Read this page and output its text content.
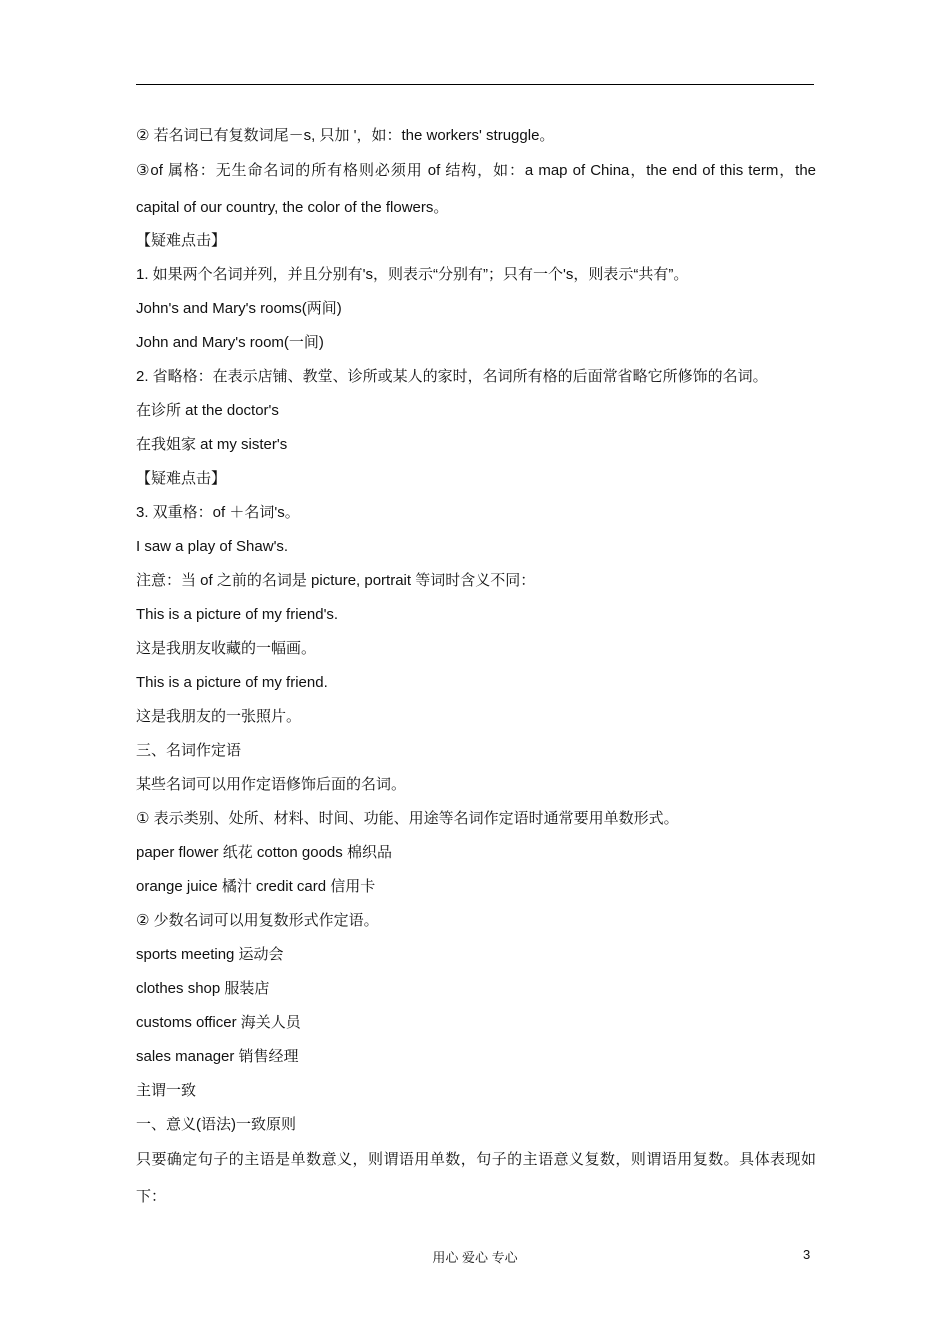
② 若名词已有复数词尾－s, 只加 '，如：the workers' struggle。
③of 属格：无生命名词的所有格则必须用 of 结构，如：a map of China，the end of this term，the capital of our country, the color of the flowers。
【疑难点击】
1. 如果两个名词并列，并且分别有's，则表示“分别有”；只有一个's，则表示“共有”。
John's and Mary's rooms(两间)
John and Mary's room(一间)
2. 省略格：在表示店铺、教堂、诊所或某人的家时，名词所有格的后面常省略它所修饰的名词。
在诊所 at the doctor's
在我姐家 at my sister's
【疑难点击】
3. 双重格：of ＋名词's。
I saw a play of Shaw's.
注意：当 of 之前的名词是 picture, portrait 等词时含义不同：
This is a picture of my friend's.
这是我朋友收藏的一幅画。
This is a picture of my friend.
这是我朋友的一张照片。
三、名词作定语
某些名词可以用作定语修饰后面的名词。
① 表示类别、处所、材料、时间、功能、用途等名词作定语时通常要用单数形式。
paper flower 纸花 cotton goods 棉织品
orange juice 橘汁 credit card 信用卡
② 少数名词可以用复数形式作定语。
sports meeting 运动会
clothes shop 服装店
customs officer 海关人员
sales manager 销售经理
主谓一致
一、意义(语法)一致原则
只要确定句子的主语是单数意义，则谓语用单数，句子的主语意义复数，则谓语用复数。具体表现如下：
用心 爱心 专心	3
